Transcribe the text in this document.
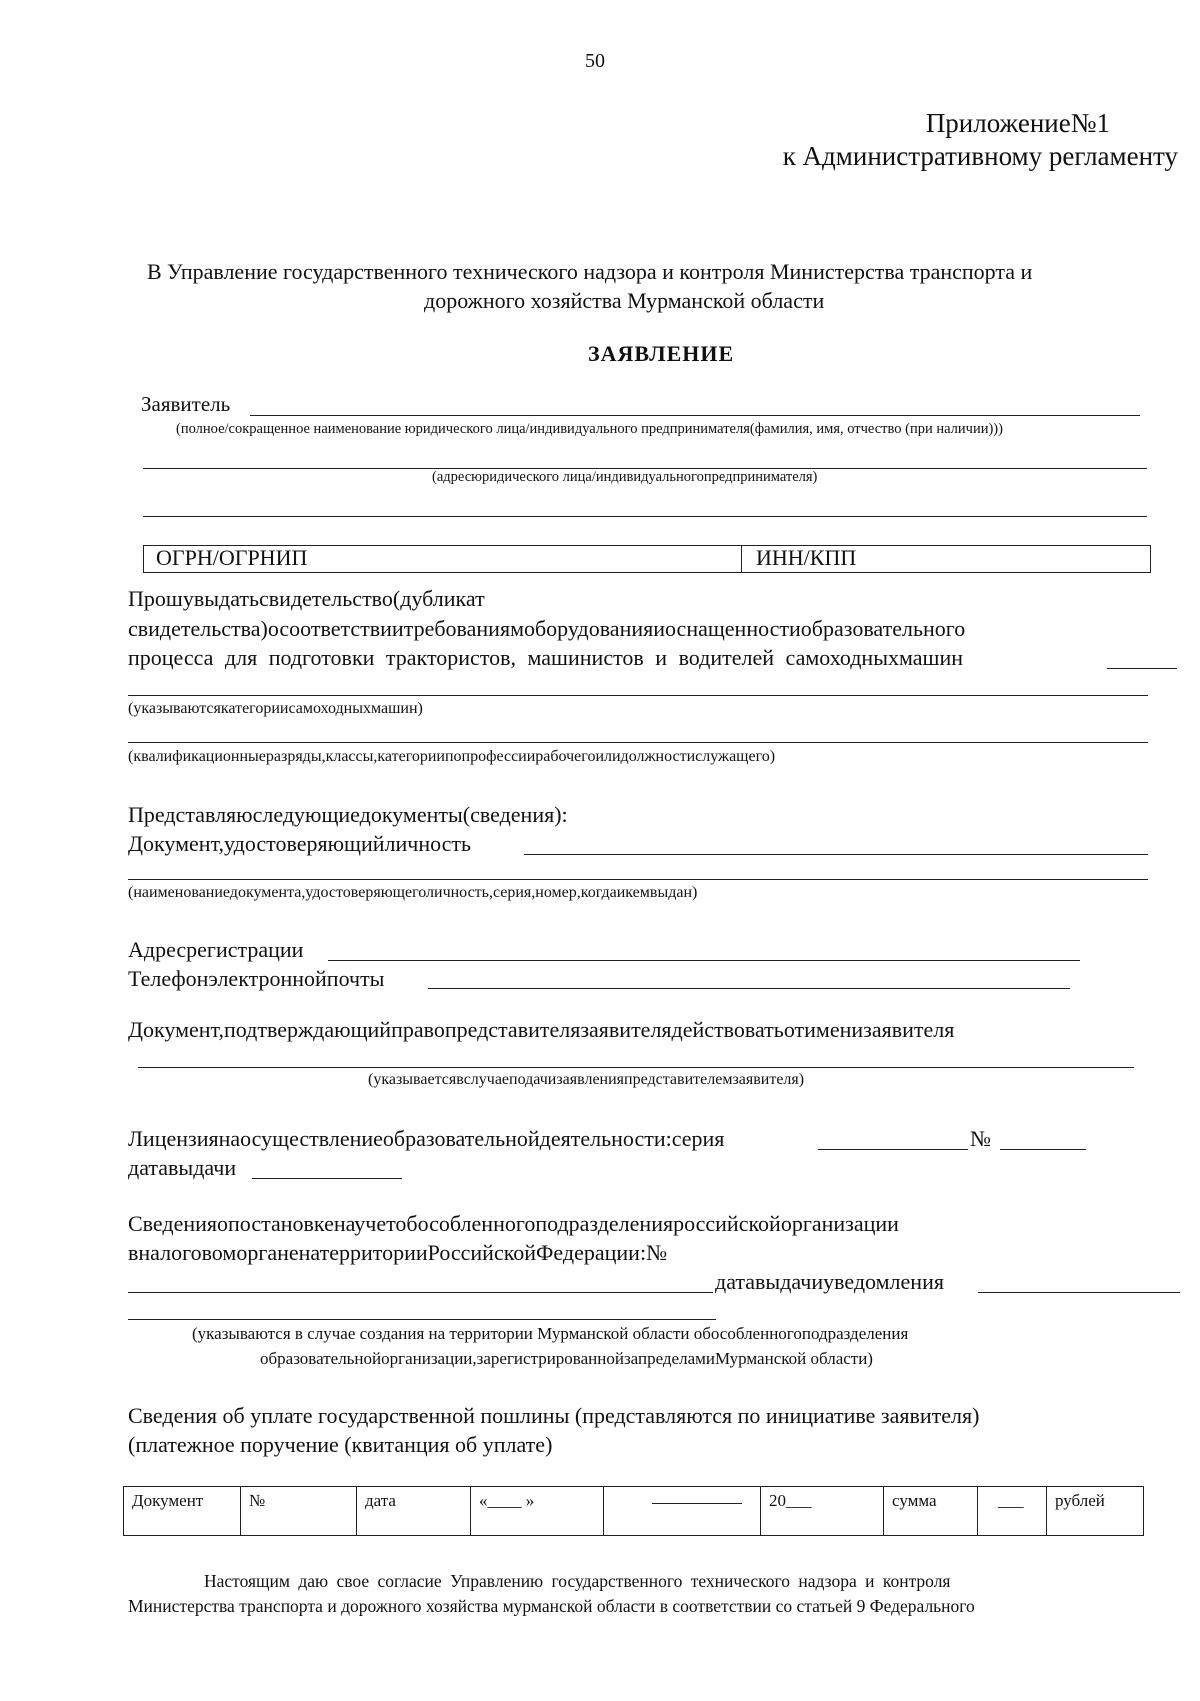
50
Приложение№1
к Административному регламенту
В Управление государственного технического надзора и контроля Министерства транспорта и
дорожного хозяйства Мурманской области
ЗАЯВЛЕНИЕ
Заявитель
(полное/сокращенное наименование юридического лица/индивидуального предпринимателя(фамилия, имя, отчество (при наличии)))
(адресюридического лица/индивидуальногопредпринимателя)
ОГРН/ОГРНИП	ИНН/КПП
Прошувыдатьсвидетельство(дубликат
свидетельства)осоответствиитребованиямоборудованияиоснащенностиобразовательного
процесса для подготовки трактористов, машинистов и водителей самоходныхмашин
(указываютсякатегориисамоходныхмашин)
(квалификационныеразряды,классы,категориипопрофессиирабочегоилидолжностислужащего)
Представляюследующиедокументы(сведения):
Документ,удостоверяющийличность
(наименованиедокумента,удостоверяющеголичность,серия,номер,когдаикемвыдан)
Адресрегистрации
Телефонэлектроннойпочты
Документ,подтверждающийправопредставителязаявителядействоватьотименизаявителя
(указываетсявслучаеподачизаявленияпредставителемзаявителя)
Лицензиянаосуществлениеобразовательнойдеятельности:серия	№
датавыдачи
Сведенияопостановкенаучетобособленногоподразделенияроссийскойорганизации
вналоговоморганенатерриторииРоссийскойФедерации:№
датавыдачиуведомления
(указываются в случае создания на территории Мурманской области обособленногоподразделения
образовательнойорганизации,зарегистрированнойзапределамиМурманской области)
Сведения об уплате государственной пошлины (представляются по инициативе заявителя)
(платежное поручение (квитанция об уплате)
Документ	№	дата	«____ »		20___	сумма	___	рублей
Настоящим даю свое согласие Управлению государственного технического надзора и контроля
Министерства транспорта и дорожного хозяйства мурманской области в соответствии со статьей 9 Федерального
